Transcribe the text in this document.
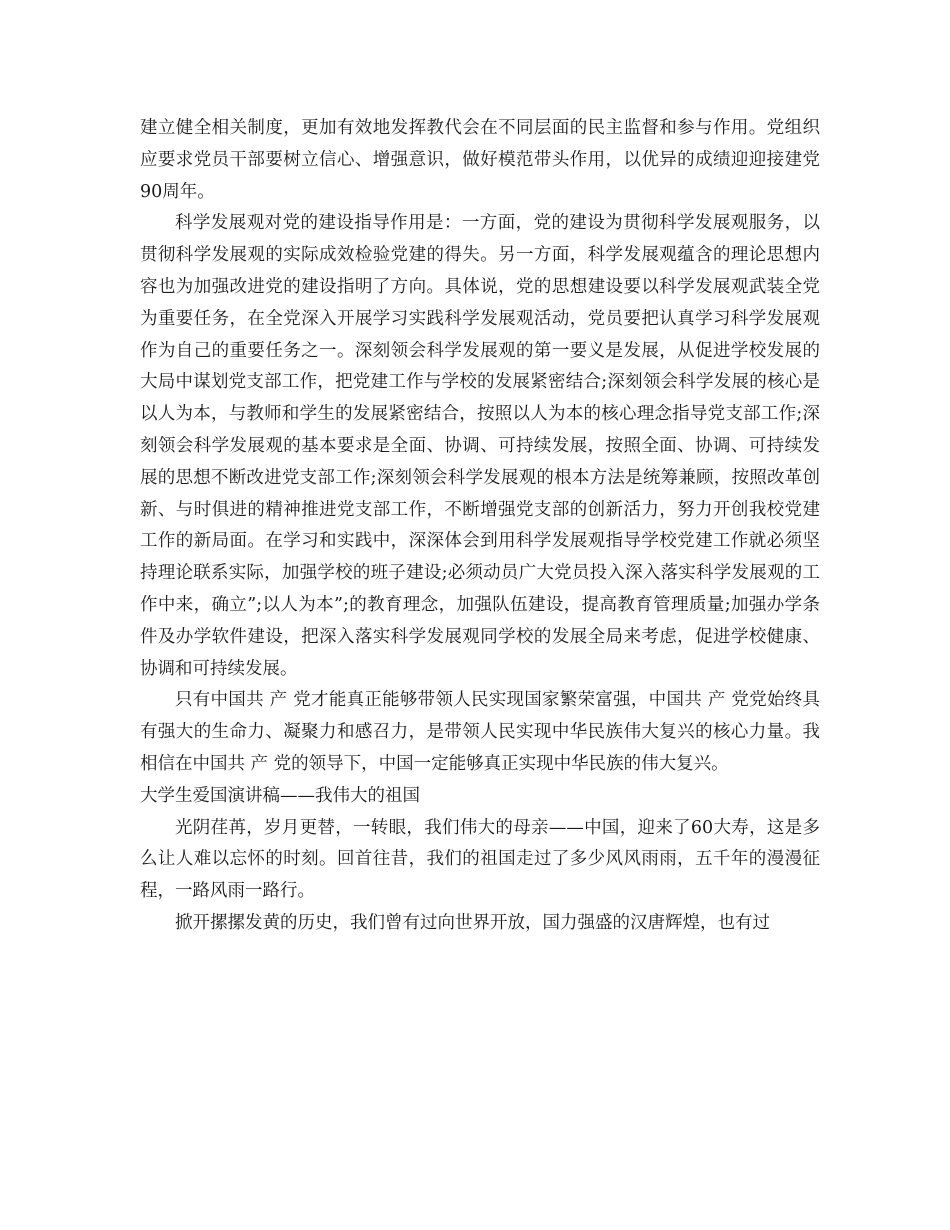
建立健全相关制度，更加有效地发挥教代会在不同层面的民主监督和参与作用。党组织应要求党员干部要树立信心、增强意识，做好模范带头作用，以优异的成绩迎迎接建党90周年。

科学发展观对党的建设指导作用是：一方面，党的建设为贯彻科学发展观服务，以贯彻科学发展观的实际成效检验党建的得失。另一方面，科学发展观蕴含的理论思想内容也为加强改进党的建设指明了方向。具体说，党的思想建设要以科学发展观武装全党为重要任务，在全党深入开展学习实践科学发展观活动，党员要把认真学习科学发展观作为自己的重要任务之一。深刻领会科学发展观的第一要义是发展，从促进学校发展的大局中谋划党支部工作，把党建工作与学校的发展紧密结合;深刻领会科学发展的核心是以人为本，与教师和学生的发展紧密结合，按照以人为本的核心理念指导党支部工作;深刻领会科学发展观的基本要求是全面、协调、可持续发展，按照全面、协调、可持续发展的思想不断改进党支部工作;深刻领会科学发展观的根本方法是统筹兼顾，按照改革创新、与时俱进的精神推进党支部工作，不断增强党支部的创新活力，努力开创我校党建工作的新局面。在学习和实践中，深深体会到用科学发展观指导学校党建工作就必须坚持理论联系实际，加强学校的班子建设;必须动员广大党员投入深入落实科学发展观的工作中来，确立”;以人为本”;的教育理念，加强队伍建设，提高教育管理质量;加强办学条件及办学软件建设，把深入落实科学发展观同学校的发展全局来考虑，促进学校健康、协调和可持续发展。

只有中国共 产 党才能真正能够带领人民实现国家繁荣富强，中国共 产 党党始终具有强大的生命力、凝聚力和感召力，是带领人民实现中华民族伟大复兴的核心力量。我相信在中国共 产 党的领导下，中国一定能够真正实现中华民族的伟大复兴。

大学生爱国演讲稿——我伟大的祖国

光阴荏苒，岁月更替，一转眼，我们伟大的母亲——中国，迎来了60大寿，这是多么让人难以忘怀的时刻。回首往昔，我们的祖国走过了多少风风雨雨，五千年的漫漫征程，一路风雨一路行。

掀开摞摞发黄的历史，我们曾有过向世界开放，国力强盛的汉唐辉煌，也有过
